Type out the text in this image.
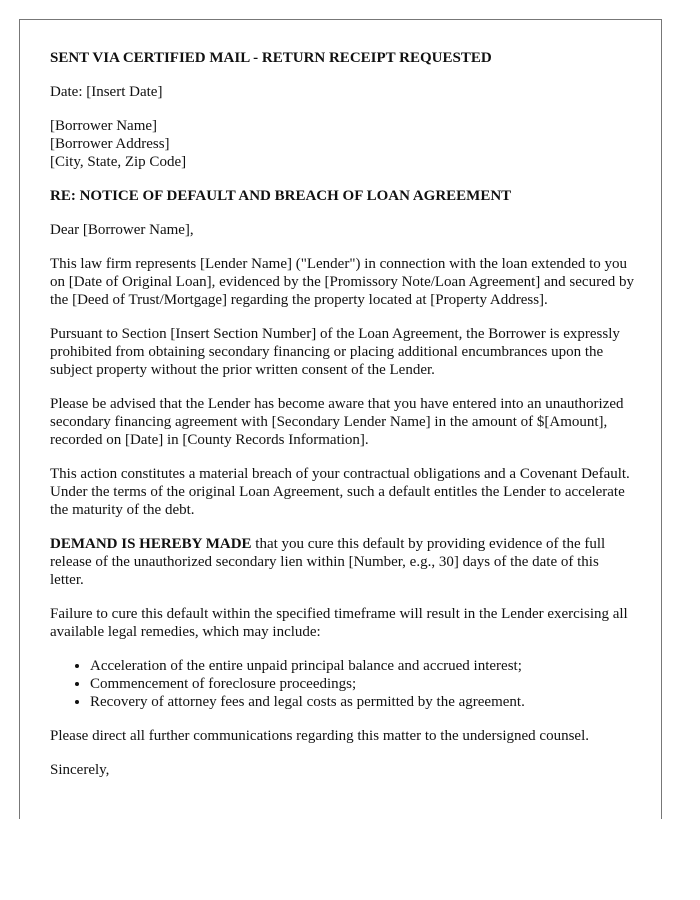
SENT VIA CERTIFIED MAIL - RETURN RECEIPT REQUESTED

Date: [Insert Date]

[Borrower Name]
[Borrower Address]
[City, State, Zip Code]

RE: NOTICE OF DEFAULT AND BREACH OF LOAN AGREEMENT

Dear [Borrower Name],

This law firm represents [Lender Name] ("Lender") in connection with the loan extended to you on [Date of Original Loan], evidenced by the [Promissory Note/Loan Agreement] and secured by the [Deed of Trust/Mortgage] regarding the property located at [Property Address].

Pursuant to Section [Insert Section Number] of the Loan Agreement, the Borrower is expressly prohibited from obtaining secondary financing or placing additional encumbrances upon the subject property without the prior written consent of the Lender.

Please be advised that the Lender has become aware that you have entered into an unauthorized secondary financing agreement with [Secondary Lender Name] in the amount of $[Amount], recorded on [Date] in [County Records Information].

This action constitutes a material breach of your contractual obligations and a Covenant Default. Under the terms of the original Loan Agreement, such a default entitles the Lender to accelerate the maturity of the debt.

DEMAND IS HEREBY MADE that you cure this default by providing evidence of the full release of the unauthorized secondary lien within [Number, e.g., 30] days of the date of this letter.

Failure to cure this default within the specified timeframe will result in the Lender exercising all available legal remedies, which may include:

• Acceleration of the entire unpaid principal balance and accrued interest;
• Commencement of foreclosure proceedings;
• Recovery of attorney fees and legal costs as permitted by the agreement.

Please direct all further communications regarding this matter to the undersigned counsel.

Sincerely,
